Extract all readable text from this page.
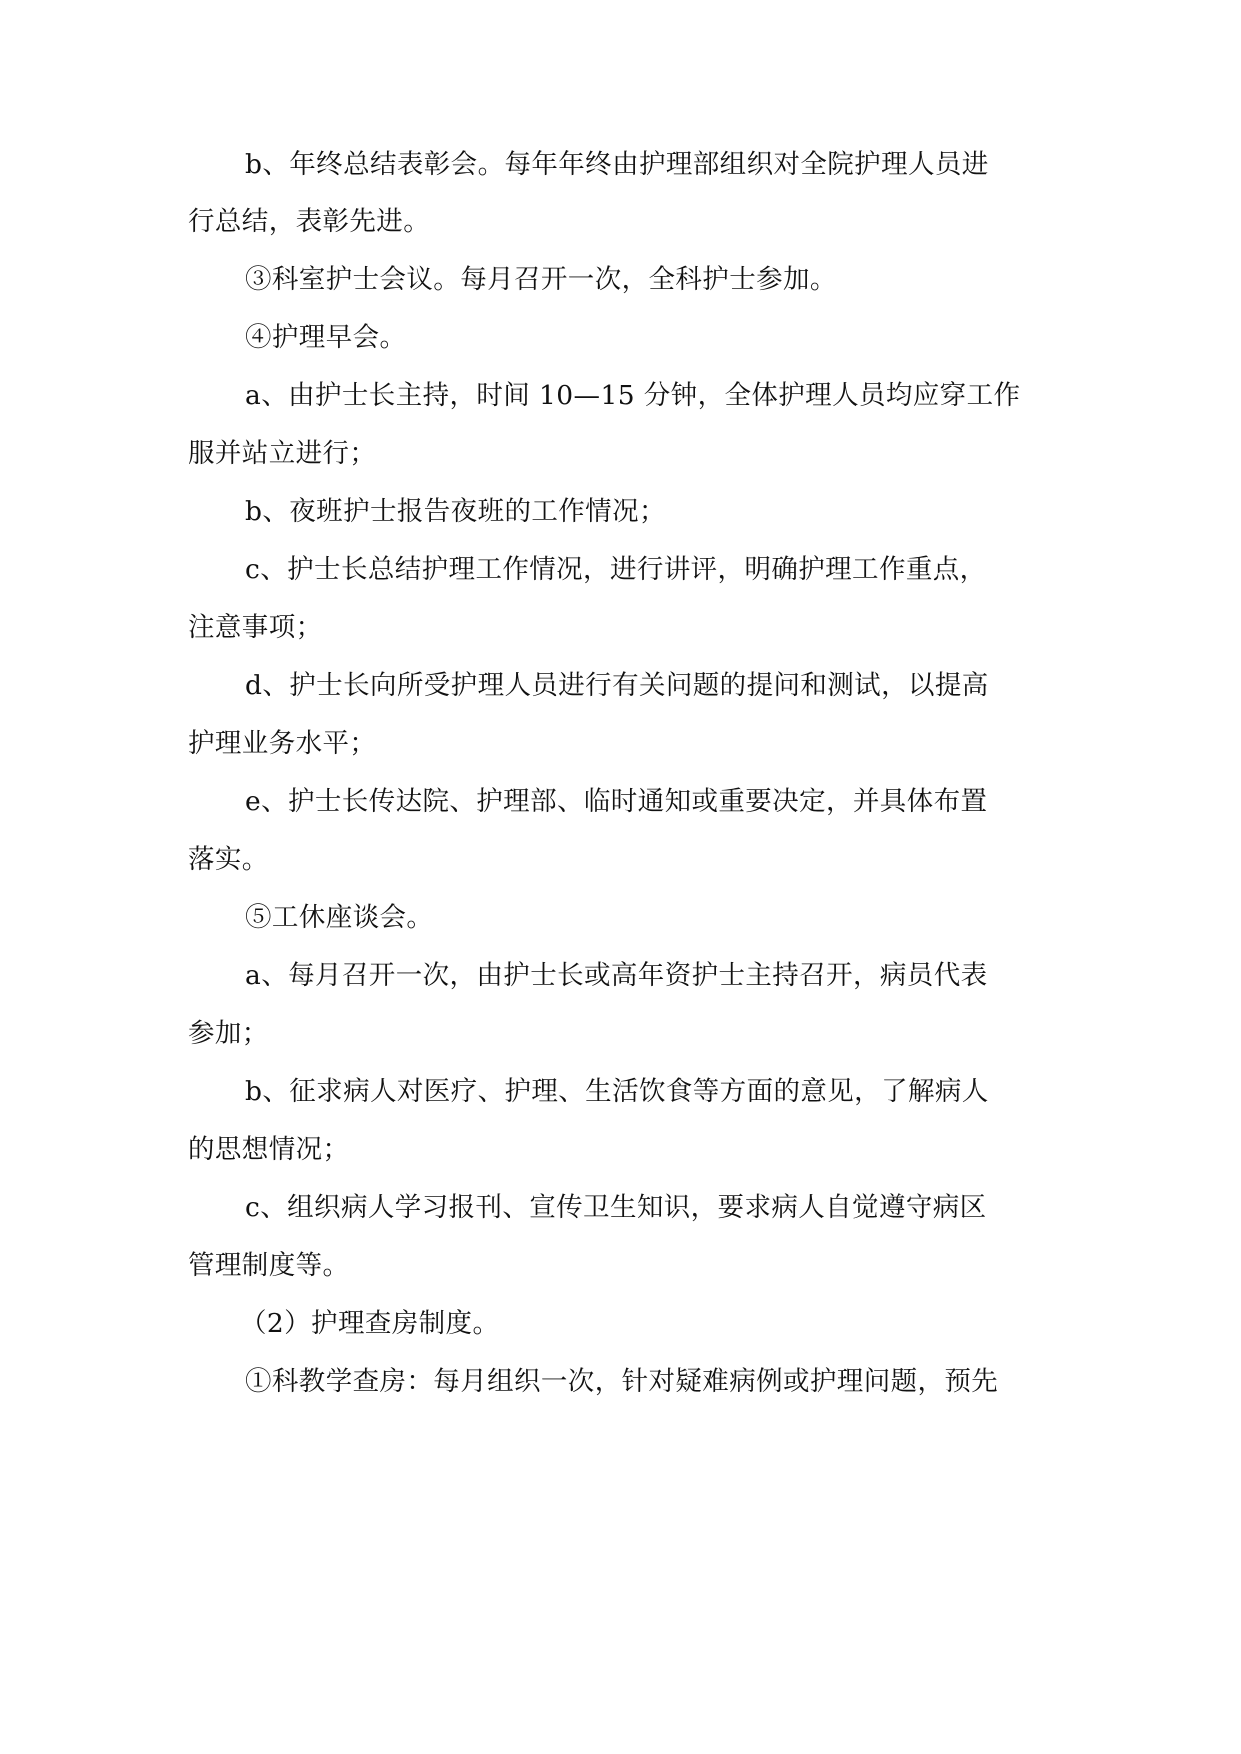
b、年终总结表彰会。每年年终由护理部组织对全院护理人员进
行总结，表彰先进。
③科室护士会议。每月召开一次，全科护士参加。
④护理早会。
a、由护士长主持，时间 10—15 分钟，全体护理人员均应穿工作
服并站立进行；
b、夜班护士报告夜班的工作情况；
c、护士长总结护理工作情况，进行讲评，明确护理工作重点，
注意事项；
d、护士长向所受护理人员进行有关问题的提问和测试，以提高
护理业务水平；
e、护士长传达院、护理部、临时通知或重要决定，并具体布置
落实。
⑤工休座谈会。
a、每月召开一次，由护士长或高年资护士主持召开，病员代表
参加；
b、征求病人对医疗、护理、生活饮食等方面的意见，了解病人
的思想情况；
c、组织病人学习报刊、宣传卫生知识，要求病人自觉遵守病区
管理制度等。
（2）护理查房制度。
①科教学查房：每月组织一次，针对疑难病例或护理问题，预先
